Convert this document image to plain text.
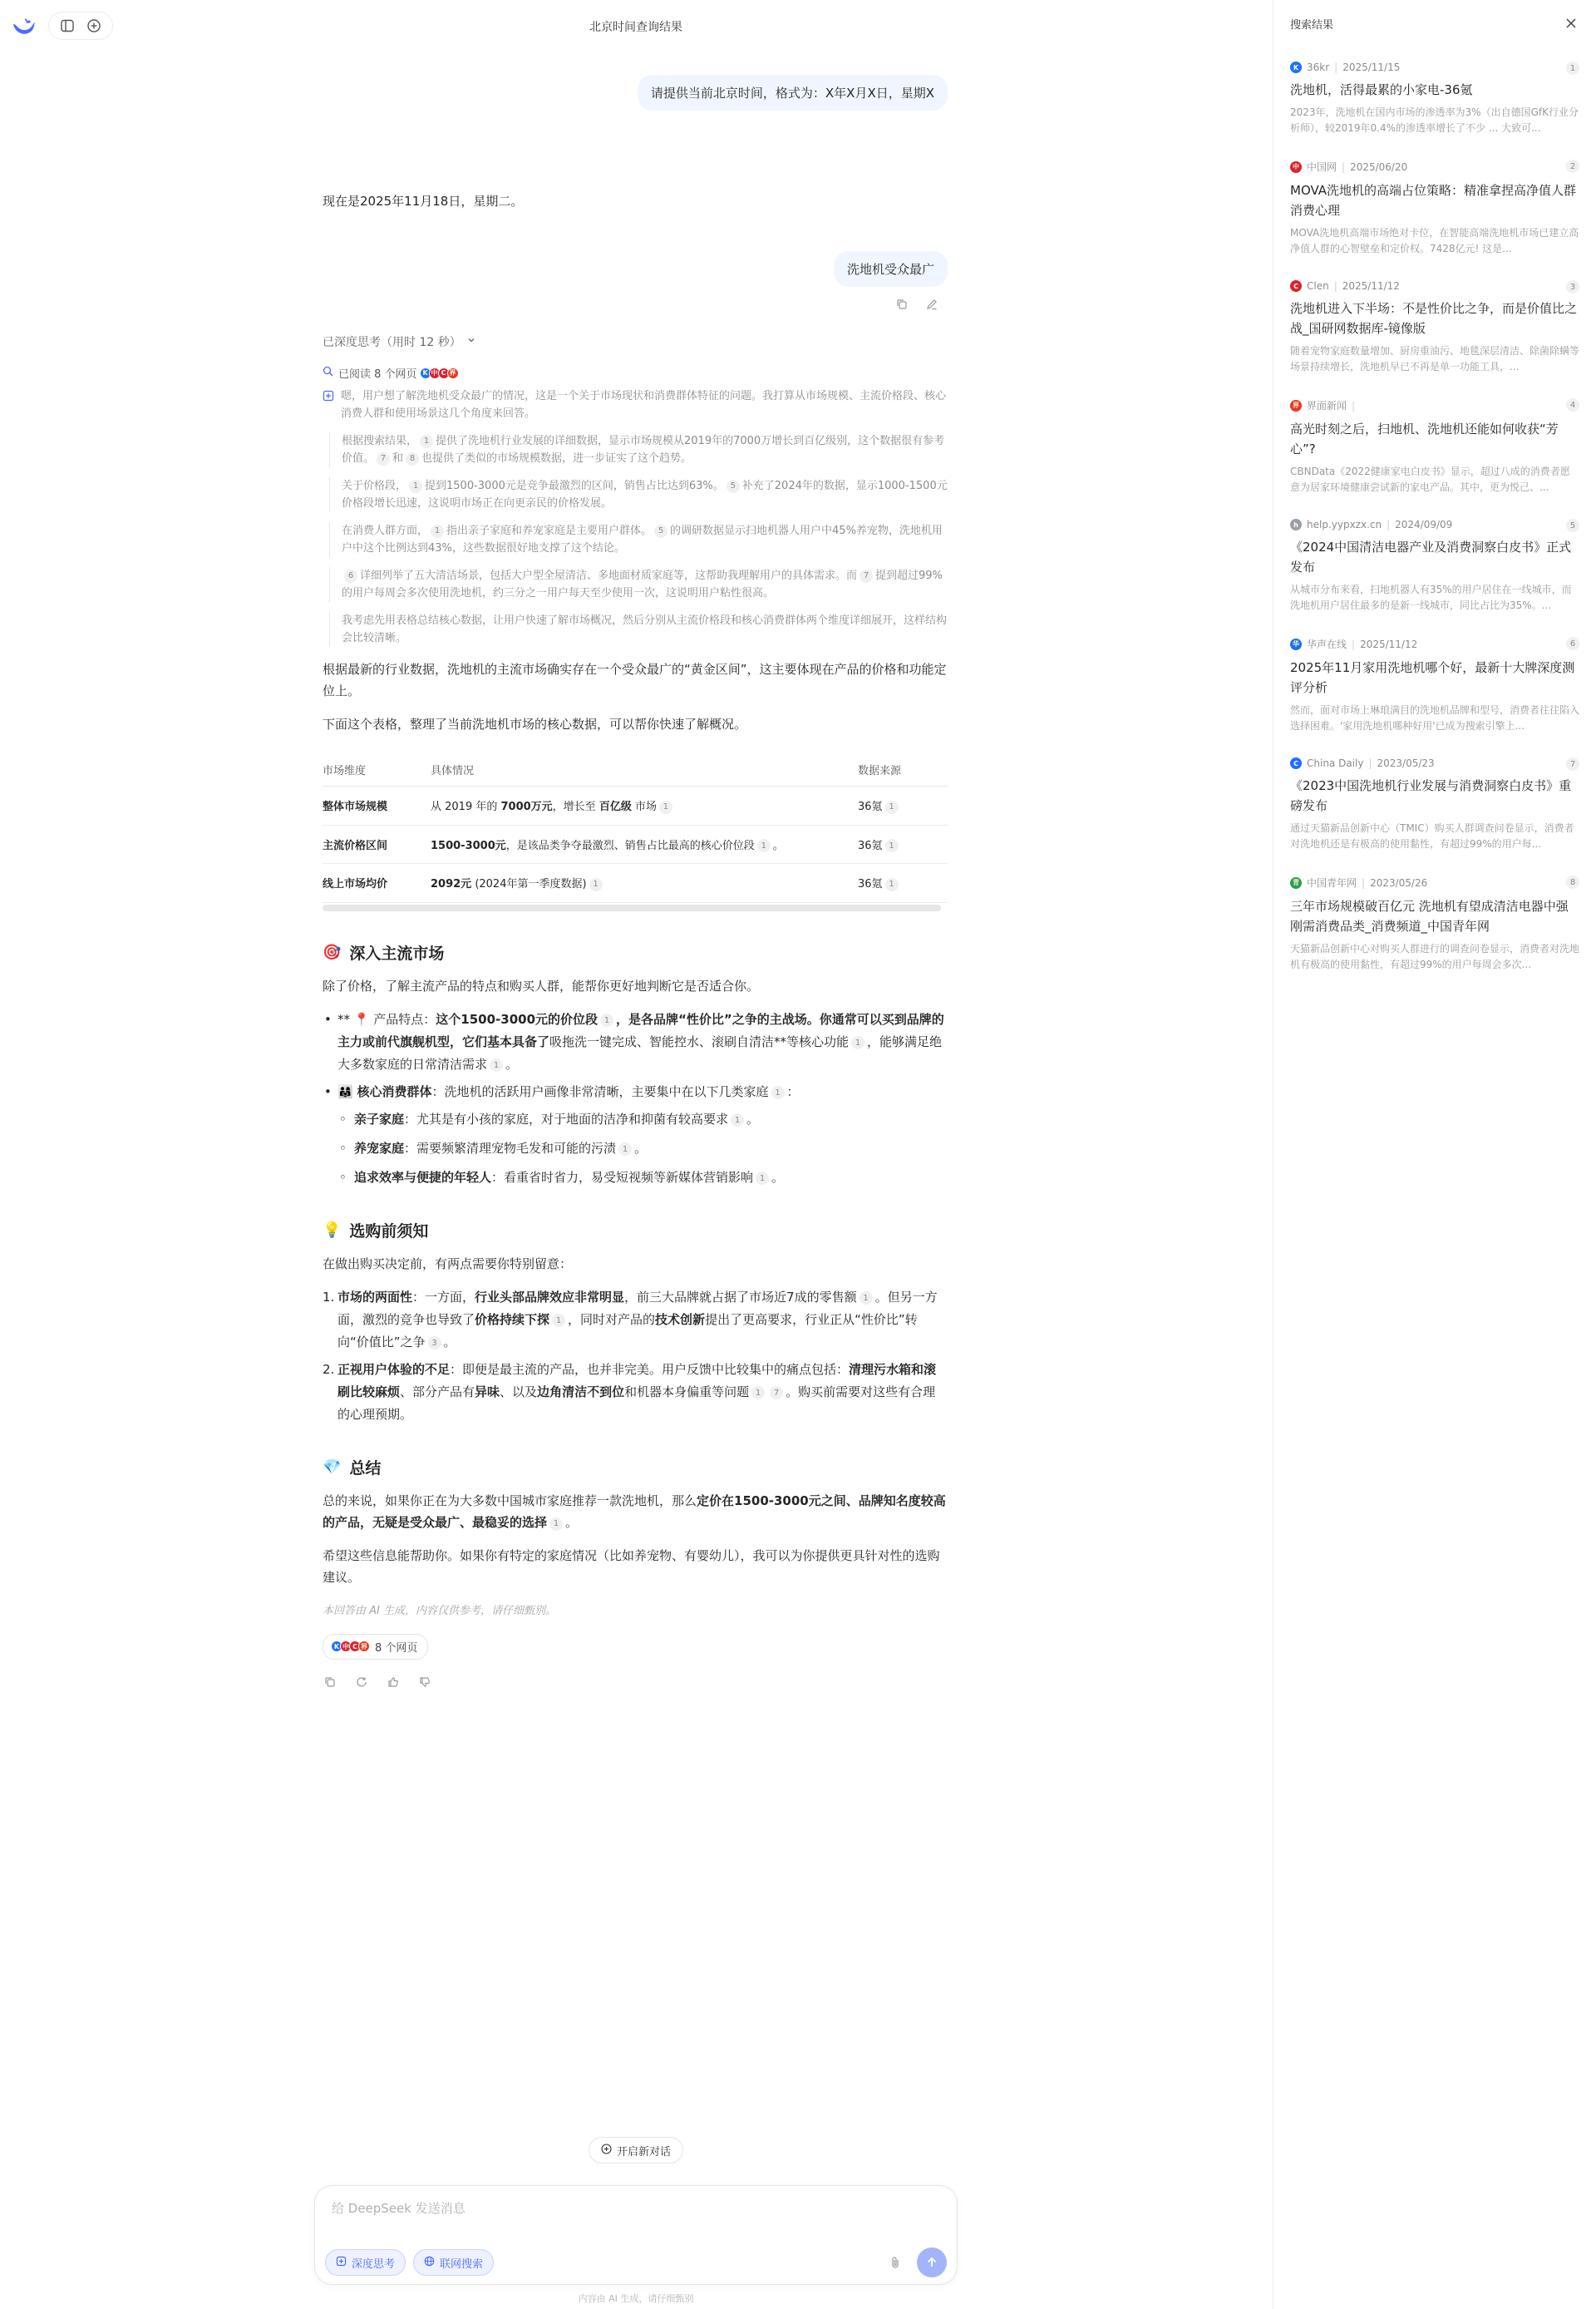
北京时间查询结果
请提供当前北京时间，格式为：X年X月X日，星期X
现在是2025年11月18日，星期二。
洗地机受众最广
已深度思考（用时 12 秒）
已阅读 8 个网页 K 中 C 界

嗯，用户想了解洗地机受众最广的情况，这是一个关于市场现状和消费群体特征的问题。我打算从市场规模、主流价格段、核心消费人群和使用场景这几个角度来回答。

根据搜索结果， 1 提供了洗地机行业发展的详细数据，显示市场规模从2019年的7000万增长到百亿级别，这个数据很有参考价值。 7 和 8 也提供了类似的市场规模数据，进一步证实了这个趋势。
关于价格段， 1 提到1500-3000元是竞争最激烈的区间，销售占比达到63%。 5 补充了2024年的数据，显示1000-1500元价格段增长迅速，这说明市场正在向更亲民的价格发展。
在消费人群方面， 1 指出亲子家庭和养宠家庭是主要用户群体。 5 的调研数据显示扫地机器人用户中45%养宠物，洗地机用户中这个比例达到43%，这些数据很好地支撑了这个结论。
6 详细列举了五大清洁场景，包括大户型全屋清洁、多地面材质家庭等，这帮助我理解用户的具体需求。而 7 提到超过99%的用户每周会多次使用洗地机，约三分之一用户每天至少使用一次，这说明用户粘性很高。
我考虑先用表格总结核心数据，让用户快速了解市场概况，然后分别从主流价格段和核心消费群体两个维度详细展开，这样结构会比较清晰。

根据最新的行业数据，洗地机的主流市场确实存在一个受众最广的“黄金区间”，这主要体现在产品的价格和功能定位上。

下面这个表格，整理了当前洗地机市场的核心数据，可以帮你快速了解概况。

市场维度	具体情况	数据来源
整体市场规模	从 2019 年的 7000万元，增长至 百亿级 市场 1	36氪 1
主流价格区间	1500-3000元，是该品类争夺最激烈、销售占比最高的核心价位段 1 。	36氪 1
线上市场均价	2092元 (2024年第一季度数据) 1	36氪 1
🎯 深入主流市场

除了价格，了解主流产品的特点和购买人群，能帮你更好地判断它是否适合你。

• ** 📍 产品特点：这个1500-3000元的价位段 1 ，是各品牌“性价比”之争的主战场。你通常可以买到品牌的主力或前代旗舰机型，它们基本具备了吸拖洗一键完成、智能控水、滚刷自清洁**等核心功能 1 ，能够满足绝大多数家庭的日常清洁需求 1 。
• 👨‍👩‍👧 核心消费群体：洗地机的活跃用户画像非常清晰，主要集中在以下几类家庭 1 ：
◦ 亲子家庭：尤其是有小孩的家庭，对于地面的洁净和抑菌有较高要求 1 。
◦ 养宠家庭：需要频繁清理宠物毛发和可能的污渍 1 。
◦ 追求效率与便捷的年轻人：看重省时省力，易受短视频等新媒体营销影响 1 。
💡 选购前须知

在做出购买决定前，有两点需要你特别留意：

1. 市场的两面性：一方面，行业头部品牌效应非常明显，前三大品牌就占据了市场近7成的零售额 1 。但另一方面，激烈的竞争也导致了价格持续下探 1 ，同时对产品的技术创新提出了更高要求，行业正从“性价比”转向“价值比”之争 3 。
2. 正视用户体验的不足：即便是最主流的产品，也并非完美。用户反馈中比较集中的痛点包括：清理污水箱和滚刷比较麻烦、部分产品有异味、以及边角清洁不到位和机器本身偏重等问题 1 7 。购买前需要对这些有合理的心理预期。
💎 总结

总的来说，如果你正在为大多数中国城市家庭推荐一款洗地机，那么定价在1500-3000元之间、品牌知名度较高的产品，无疑是受众最广、最稳妥的选择 1 。

希望这些信息能帮助你。如果你有特定的家庭情况（比如养宠物、有婴幼儿），我可以为你提供更具针对性的选购建议。

本回答由 AI 生成，内容仅供参考，请仔细甄别。

K 中 C 界 8 个网页
开启新对话
给 DeepSeek 发送消息
深度思考	联网搜索
内容由 AI 生成，请仔细甄别
搜索结果
K 36kr | 2025/11/15	1
洗地机，活得最累的小家电-36氪
2023年，洗地机在国内市场的渗透率为3%（出自德国GfK行业分析师），较2019年0.4%的渗透率增长了不少 ... 大致可...
中 中国网 | 2025/06/20	2
MOVA洗地机的高端占位策略：精准拿捏高净值人群消费心理
MOVA洗地机高端市场绝对卡位，在智能高端洗地机市场已建立高净值人群的心智壁垒和定价权。7428亿元! 这是...
C Clen | 2025/11/12	3
洗地机进入下半场：不是性价比之争，而是价值比之战_国研网数据库-镜像版
随着宠物家庭数量增加、厨房重油污、地毯深层清洁、除菌除螨等场景持续增长，洗地机早已不再是单一功能工具，...
界 界面新闻 |	4
高光时刻之后，扫地机、洗地机还能如何收获“芳心”?
CBNData《2022健康家电白皮书》显示，超过八成的消费者愿意为居家环境健康尝试新的家电产品。其中，更为悦己、...
h help.yypxzx.cn | 2024/09/09	5
《2024中国清洁电器产业及消费洞察白皮书》正式发布
从城市分布来看，扫地机器人有35%的用户居住在一线城市，而洗地机用户居住最多的是新一线城市，同比占比为35%。...
华 华声在线 | 2025/11/12	6
2025年11月家用洗地机哪个好，最新十大牌深度测评分析
然而，面对市场上琳琅满目的洗地机品牌和型号，消费者往往陷入选择困难。'家用洗地机哪种好用'已成为搜索引擎上...
C China Daily | 2023/05/23	7
《2023中国洗地机行业发展与消费洞察白皮书》重磅发布
通过天猫新品创新中心（TMIC）购买人群调查问卷显示，消费者对洗地机还是有极高的使用黏性，有超过99%的用户每...
青 中国青年网 | 2023/05/26	8
三年市场规模破百亿元 洗地机有望成清洁电器中强刚需消费品类_消费频道_中国青年网
天猫新品创新中心对购买人群进行的调查问卷显示，消费者对洗地机有极高的使用黏性，有超过99%的用户每周会多次...
